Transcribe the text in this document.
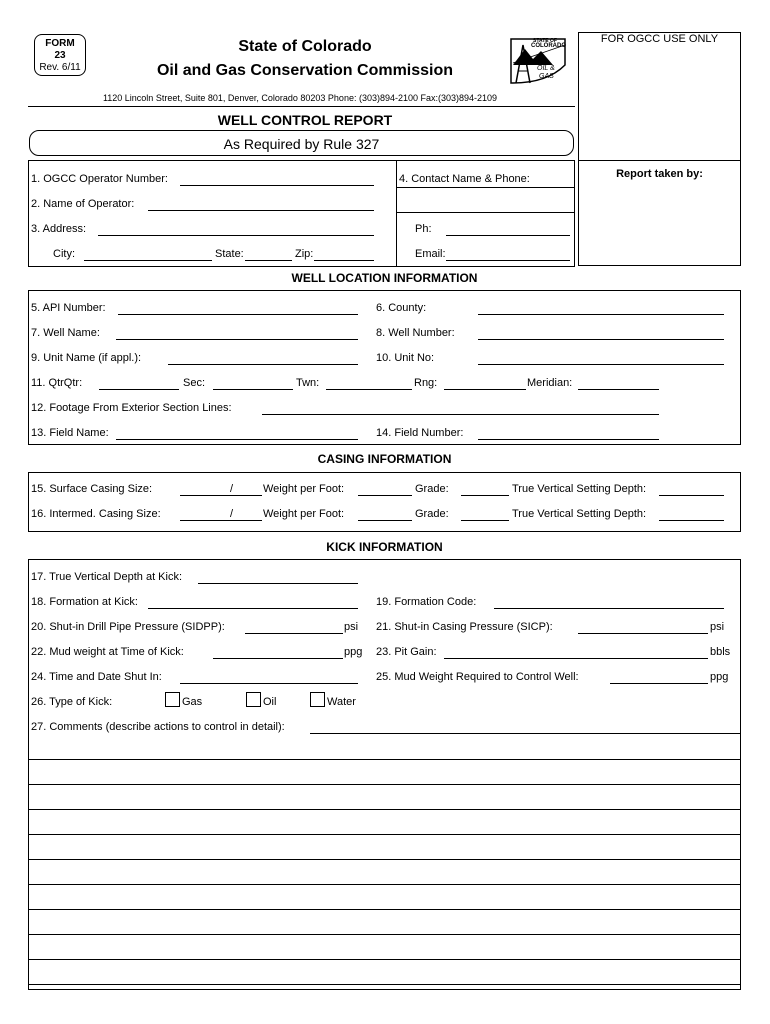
FORM
23
Rev. 6/11
State of Colorado
Oil and Gas Conservation Commission
STATE OF
COLORADO
OIL &
GAS
1120 Lincoln Street, Suite 801, Denver, Colorado 80203 Phone: (303)894-2100 Fax:(303)894-2109
WELL CONTROL REPORT
As Required by Rule 327
FOR OGCC USE ONLY
Report taken by:
1. OGCC Operator Number:
2. Name of Operator:
3. Address:
City:	State:	Zip:
4. Contact Name & Phone:
Ph:
Email:
WELL LOCATION INFORMATION
5. API Number:	6. County:
7. Well Name:	8. Well Number:
9. Unit Name (if appl.):	10. Unit No:
11. QtrQtr:	Sec:	Twn:	Rng:	Meridian:
12. Footage From Exterior Section Lines:
13. Field Name:	14. Field Number:
CASING INFORMATION
15. Surface Casing Size:	/	Weight per Foot:	Grade:	True Vertical Setting Depth:
16. Intermed. Casing Size:	/	Weight per Foot:	Grade:	True Vertical Setting Depth:
KICK INFORMATION
17. True Vertical Depth at Kick:
18. Formation at Kick:	19. Formation Code:
20. Shut-in Drill Pipe Pressure (SIDPP):	psi 21. Shut-in Casing Pressure (SICP):	psi
22. Mud weight at Time of Kick:	ppg 23. Pit Gain:	bbls
24. Time and Date Shut In:	25. Mud Weight Required to Control Well:	ppg
26. Type of Kick:	Gas	Oil	Water
27. Comments (describe actions to control in detail):
